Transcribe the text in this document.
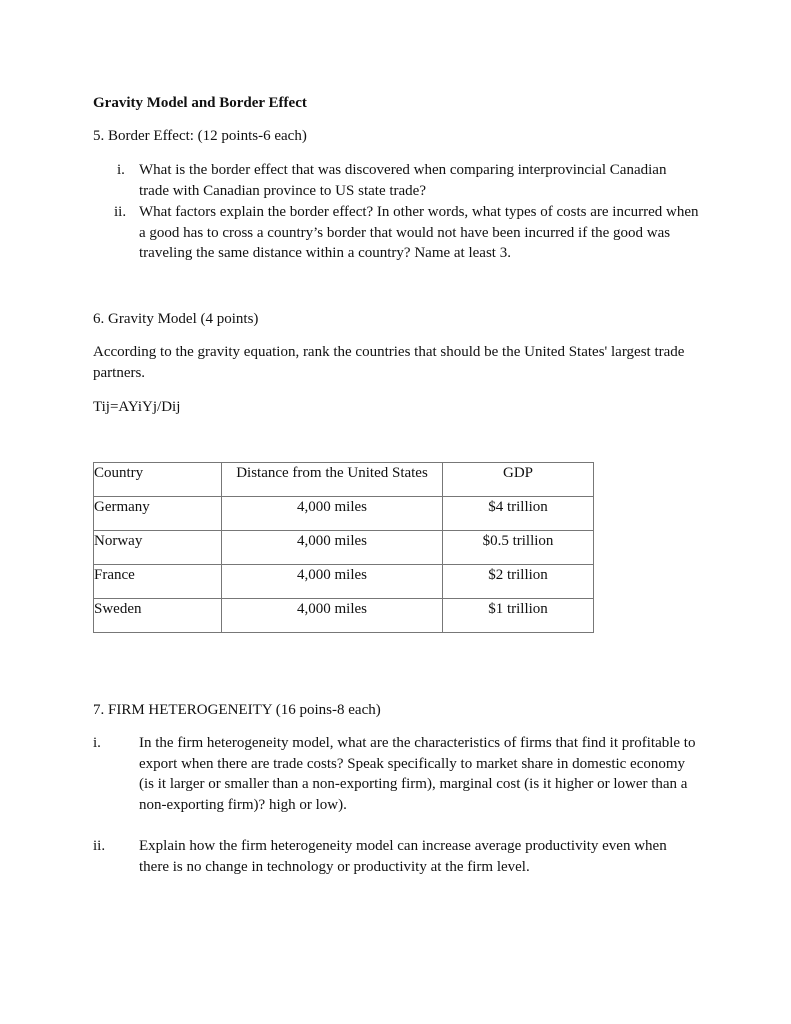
Gravity Model and Border Effect
5. Border Effect: (12 points-6 each)
i. What is the border effect that was discovered when comparing interprovincial Canadian trade with Canadian province to US state trade?
ii. What factors explain the border effect? In other words, what types of costs are incurred when a good has to cross a country’s border that would not have been incurred if the good was traveling the same distance within a country? Name at least 3.
6. Gravity Model (4 points)
According to the gravity equation, rank the countries that should be the United States' largest trade partners.
Tij=AYiYj/Dij
Country	Distance from the United States	GDP

Germany	4,000 miles	$4 trillion

Norway	4,000 miles	$0.5 trillion

France	4,000 miles	$2 trillion

Sweden	4,000 miles	$1 trillion
7. FIRM HETEROGENEITY (16 poins-8 each)
i.	In the firm heterogeneity model, what are the characteristics of firms that find it profitable to export when there are trade costs? Speak specifically to market share in domestic economy (is it larger or smaller than a non-exporting firm), marginal cost (is it higher or lower than a non-exporting firm)? high or low).
ii. Explain how the firm heterogeneity model can increase average productivity even when there is no change in technology or productivity at the firm level.
